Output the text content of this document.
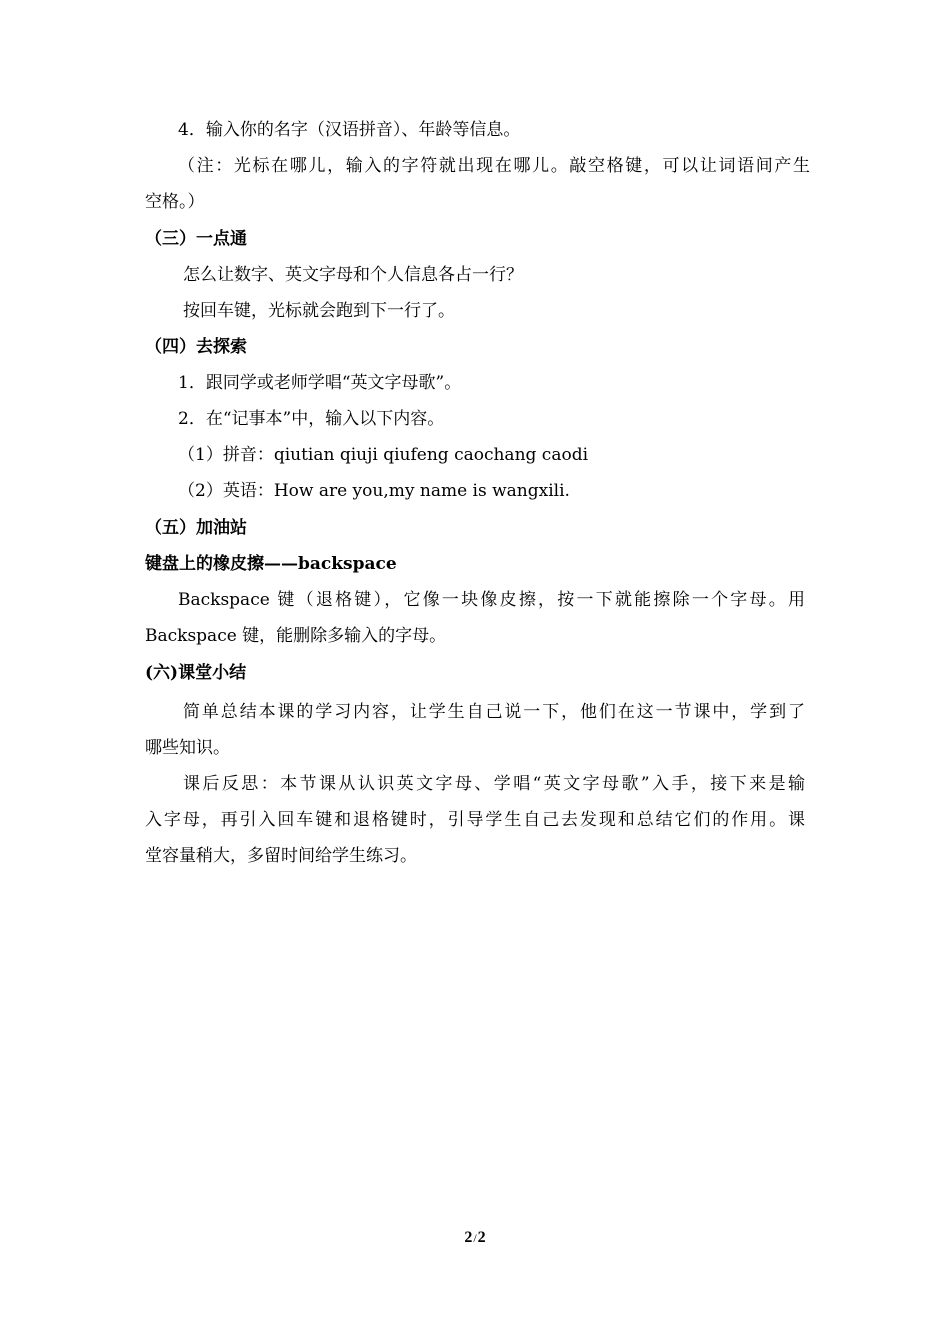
4．输入你的名字（汉语拼音）、年龄等信息。
（注：光标在哪儿，输入的字符就出现在哪儿。敲空格键，可以让词语间产生
空格。）
（三）一点通
怎么让数字、英文字母和个人信息各占一行？
按回车键，光标就会跑到下一行了。
（四）去探索
1．跟同学或老师学唱“英文字母歌”。
2．在“记事本”中，输入以下内容。
（1）拼音：qiutian qiuji qiufeng caochang caodi
（2）英语：How are you,my name is wangxili.
（五）加油站
键盘上的橡皮擦——backspace
Backspace 键（退格键），它像一块像皮擦，按一下就能擦除一个字母。用
Backspace 键，能删除多输入的字母。
(六)课堂小结
简单总结本课的学习内容，让学生自己说一下，他们在这一节课中，学到了
哪些知识。
课后反思：本节课从认识英文字母、学唱“英文字母歌”入手，接下来是输
入字母，再引入回车键和退格键时，引导学生自己去发现和总结它们的作用。课
堂容量稍大，多留时间给学生练习。
2/2
